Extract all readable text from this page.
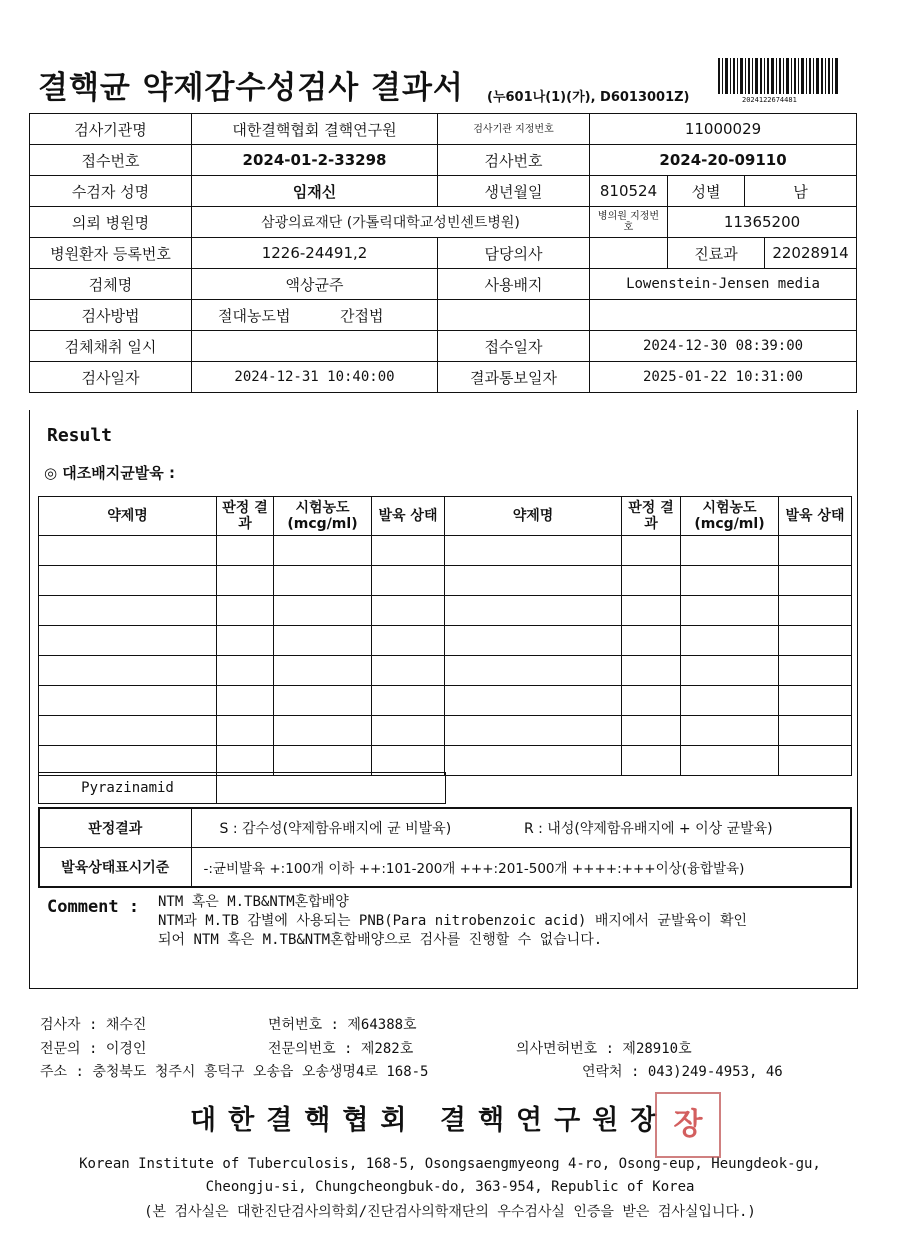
결핵균 약제감수성검사 결과서 (누601나(1)(가), D6013001Z)	2024122674481
검사기관명	대한결핵협회 결핵연구원	검사기관 지정번호	11000029			
접수번호	2024-01-2-33298	검사번호	2024-20-09110			
수검자 성명	임재신	생년월일	810524	성별	남	
의뢰 병원명	삼광의료재단 (가톨릭대학교성빈센트병원)		병의원 지정번호	11365200		
병원환자 등록번호	1226-24491,2	담당의사		진료과		22028914
검체명	액상균주	사용배지	Lowenstein-Jensen media			
검사방법	절대농도법 간접법					
검체채취 일시		접수일자	2024-12-30 08:39:00			
검사일자	2024-12-31 10:40:00	결과통보일자	2025-01-22 10:31:00			
Result
◎ 대조배지균발육 :
약제명	판정 결과	시험농도 (mcg/ml)	발육 상태	약제명	판정 결과	시험농도 (mcg/ml)	발육 상태

Pyrazinamid	
판정결과	S : 감수성(약제함유배지에 균 비발육) R : 내성(약제함유배지에 + 이상 균발육)
발육상태표시기준	-:균비발육 +:100개 이하 ++:101-200개 +++:201-500개 ++++:+++이상(융합발육)
Comment : NTM 혹은 M.TB&NTM혼합배양
NTM과 M.TB 감별에 사용되는 PNB(Para nitrobenzoic acid) 배지에서 균발육이 확인
되어 NTM 혹은 M.TB&NTM혼합배양으로 검사를 진행할 수 없습니다.
검사자 : 채수진	면허번호 : 제64388호
전문의 : 이경인	전문의번호 : 제282호	의사면허번호 : 제28910호
주소 : 충청북도 청주시 흥덕구 오송읍 오송생명4로 168-5	연락처 : 043)249-4953, 46
대한결핵협회 결핵연구원장 장
Korean Institute of Tuberculosis, 168-5, Osongsaengmyeong 4-ro, Osong-eup, Heungdeok-gu,
Cheongju-si, Chungcheongbuk-do, 363-954, Republic of Korea
(본 검사실은 대한진단검사의학회/진단검사의학재단의 우수검사실 인증을 받은 검사실입니다.)
